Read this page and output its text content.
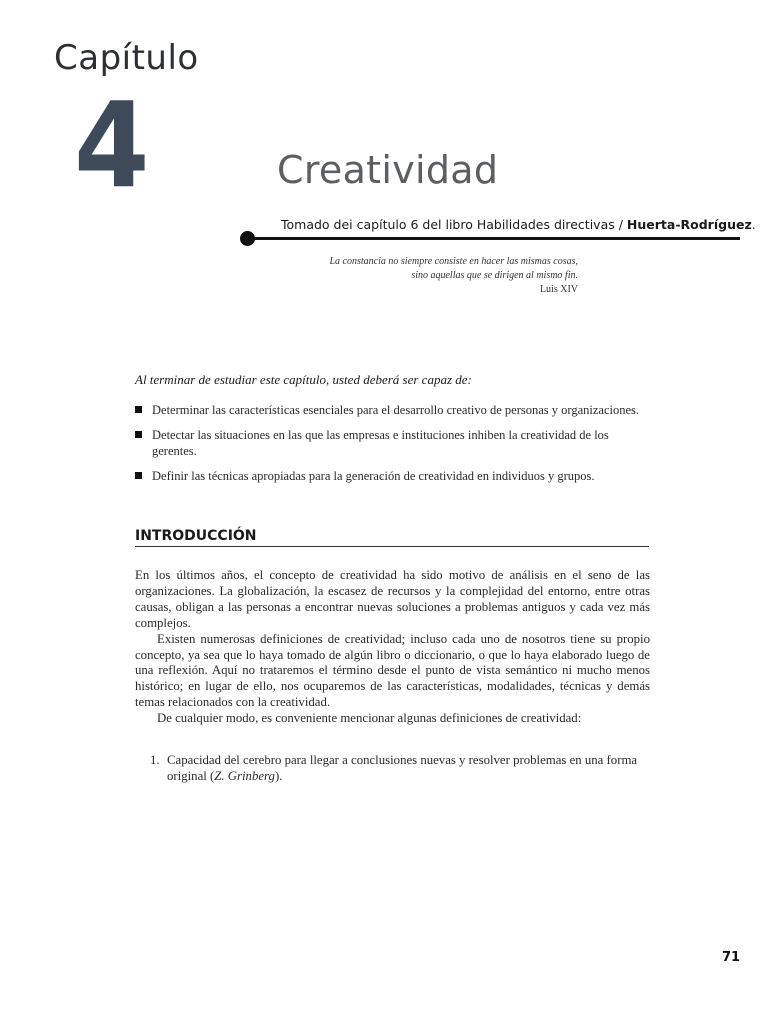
Capítulo
4	Creatividad
Tomado dei capítulo 6 del libro Habilidades directivas / Huerta-Rodríguez.
La constancia no siempre consiste en hacer las mismas cosas,
sino aquellas que se dirigen al mismo fin.
Luis XIV
Al terminar de estudiar este capítulo, usted deberá ser capaz de:
Determinar las características esenciales para el desarrollo creativo de personas y organizaciones.
Detectar las situaciones en las que las empresas e instituciones inhiben la creatividad de los gerentes.
Definir las técnicas apropiadas para la generación de creatividad en individuos y grupos.
INTRODUCCIÓN

En los últimos años, el concepto de creatividad ha sido motivo de análisis en el seno de las organizaciones. La globalización, la escasez de recursos y la complejidad del entorno, entre otras causas, obligan a las personas a encontrar nuevas soluciones a problemas antiguos y cada vez más complejos.

Existen numerosas definiciones de creatividad; incluso cada uno de nosotros tiene su propio concepto, ya sea que lo haya tomado de algún libro o diccionario, o que lo haya elaborado luego de una reflexión. Aquí no trataremos el término desde el punto de vista semántico ni mucho menos histórico; en lugar de ello, nos ocuparemos de las características, modalidades, técnicas y demás temas relacionados con la creatividad.

De cualquier modo, es conveniente mencionar algunas definiciones de creatividad:

1. Capacidad del cerebro para llegar a conclusiones nuevas y resolver problemas en una forma original (Z. Grinberg).
71
